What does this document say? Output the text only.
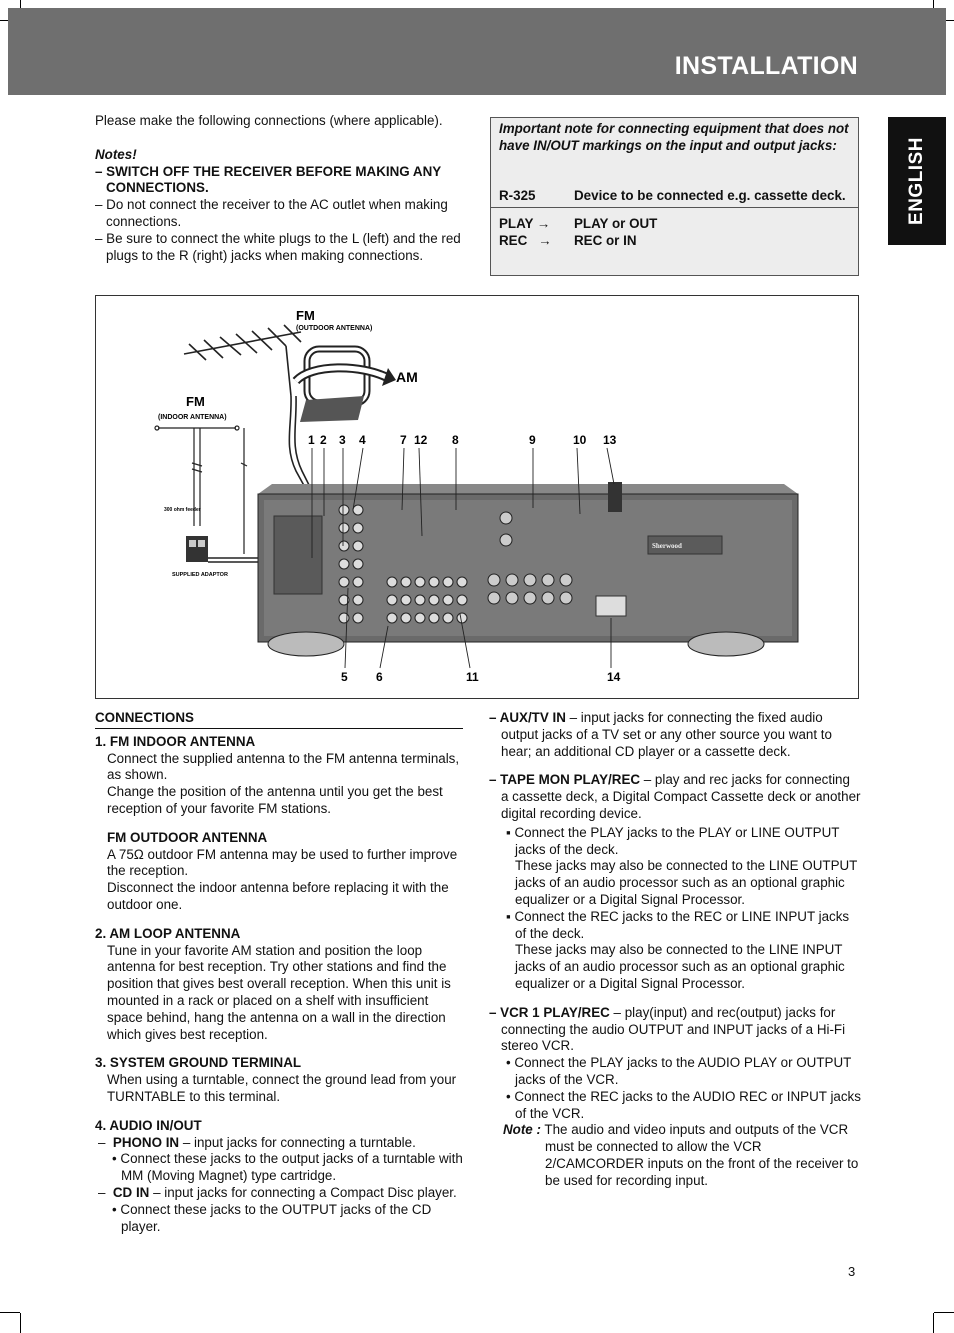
INSTALLATION
ENGLISH

Please make the following connections (where applicable).

Notes!

– SWITCH OFF THE RECEIVER BEFORE MAKING ANY CONNECTIONS.

– Do not connect the receiver to the AC outlet when making connections.

– Be sure to connect the white plugs to the L (left) and the red plugs to the R (right) jacks when making connections.

Important note for connecting equipment that does not have IN/OUT markings on the input and output jacks:
R-325	Device to be connected e.g. cassette deck.
PLAY → PLAY or OUT
REC   → REC or IN
FM
(OUTDOOR ANTENNA)
AM
FM
(INDOOR ANTENNA)
300 ohm feeder
SUPPLIED ADAPTOR
Sherwood
1 2 3 4	7 12 8	9	10 13
5 6	11	14
CONNECTIONS

1. FM INDOOR ANTENNA

Connect the supplied antenna to the FM antenna terminals, as shown.

Change the position of the antenna until you get the best reception of your favorite FM stations.

FM OUTDOOR ANTENNA

A 75Ω outdoor FM antenna may be used to further improve the reception.

Disconnect the indoor antenna before replacing it with the outdoor one.

2. AM LOOP ANTENNA

Tune in your favorite AM station and position the loop antenna for best reception. Try other stations and find the position that gives best overall reception. When this unit is mounted in a rack or placed on a shelf with insufficient space behind, hang the antenna on a wall in the direction which gives best reception.

3. SYSTEM GROUND TERMINAL

When using a turntable, connect the ground lead from your TURNTABLE to this terminal.

4. AUDIO IN/OUT

–  PHONO IN – input jacks for connecting a turntable.

• Connect these jacks to the output jacks of a turntable with MM (Moving Magnet) type cartridge.

–  CD IN – input jacks for connecting a Compact Disc player.

• Connect these jacks to the OUTPUT jacks of the CD player.

– AUX/TV IN – input jacks for connecting the fixed audio output jacks of a TV set or any other source you want to hear; an additional CD player or a cassette deck.

– TAPE MON PLAY/REC – play and rec jacks for connecting a cassette deck, a Digital Compact Cassette deck or another digital recording device.

▪ Connect the PLAY jacks to the PLAY or LINE OUTPUT jacks of the deck.

These jacks may also be connected to the LINE OUTPUT jacks of an audio processor such as an optional graphic equalizer or a Digital Signal Processor.

▪ Connect the REC jacks to the REC or LINE INPUT jacks of the deck.

These jacks may also be connected to the LINE INPUT jacks of an audio processor such as an optional graphic equalizer or a Digital Signal Processor.

– VCR 1 PLAY/REC – play(input) and rec(output) jacks for connecting the audio OUTPUT and INPUT jacks of a Hi-Fi stereo VCR.

• Connect the PLAY jacks to the AUDIO PLAY or OUTPUT jacks of the VCR.

• Connect the REC jacks to the AUDIO REC or INPUT jacks of the VCR.

Note : The audio and video inputs and outputs of the VCR must be connected to allow the VCR 2/CAMCORDER inputs on the front of the receiver to be used for recording input.

3
